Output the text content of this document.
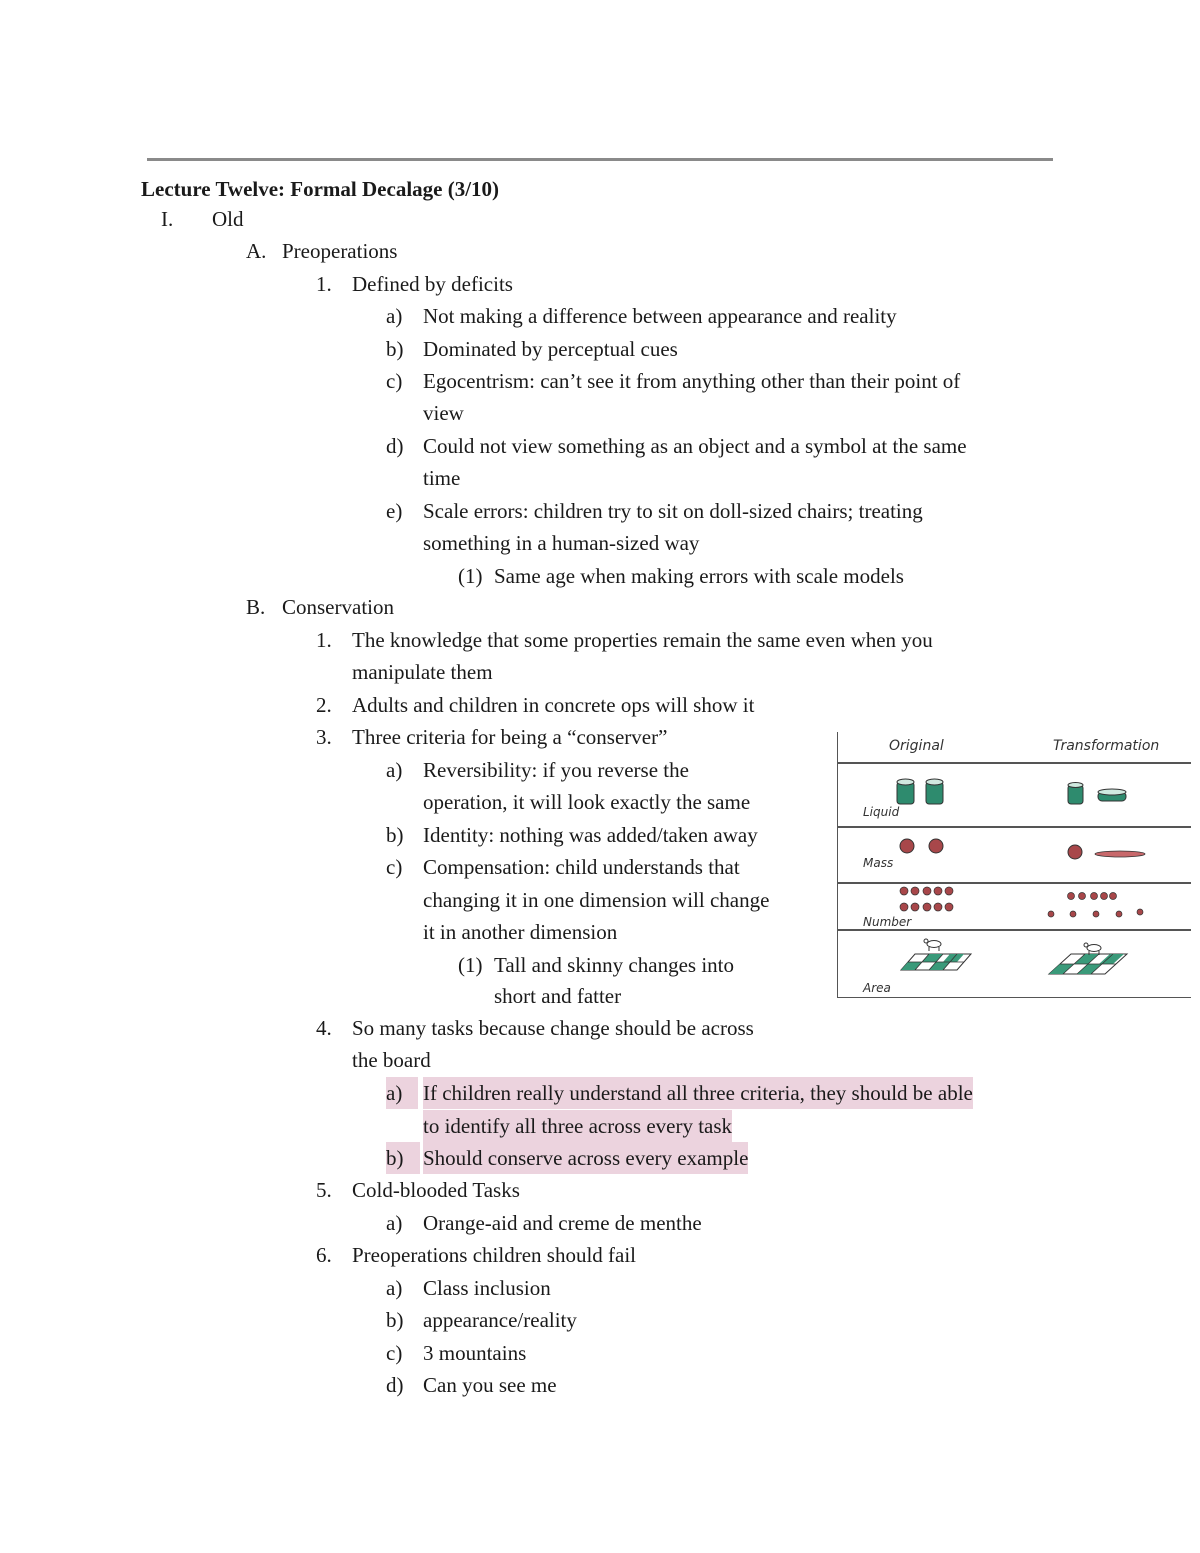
Lecture Twelve: Formal Decalage (3/10)
I. Old
A. Preoperations
1. Defined by deficits
a) Not making a difference between appearance and reality
b) Dominated by perceptual cues
c) Egocentrism: can’t see it from anything other than their point of
view
d) Could not view something as an object and a symbol at the same
time
e) Scale errors: children try to sit on doll-sized chairs; treating
something in a human-sized way
(1) Same age when making errors with scale models
B. Conservation
1. The knowledge that some properties remain the same even when you
manipulate them
2. Adults and children in concrete ops will show it
3. Three criteria for being a “conserver”
a) Reversibility: if you reverse the
operation, it will look exactly the same
b) Identity: nothing was added/taken away
c) Compensation: child understands that
changing it in one dimension will change
it in another dimension
(1) Tall and skinny changes into
short and fatter
4. So many tasks because change should be across
the board
a) If children really understand all three criteria, they should be able
to identify all three across every task
b) Should conserve across every example
5. Cold-blooded Tasks
a) Orange-aid and creme de menthe
6. Preoperations children should fail
a) Class inclusion
b) appearance/reality
c) 3 mountains
d) Can you see me
Original	Transformation
Liquid
Mass
Number
Area
